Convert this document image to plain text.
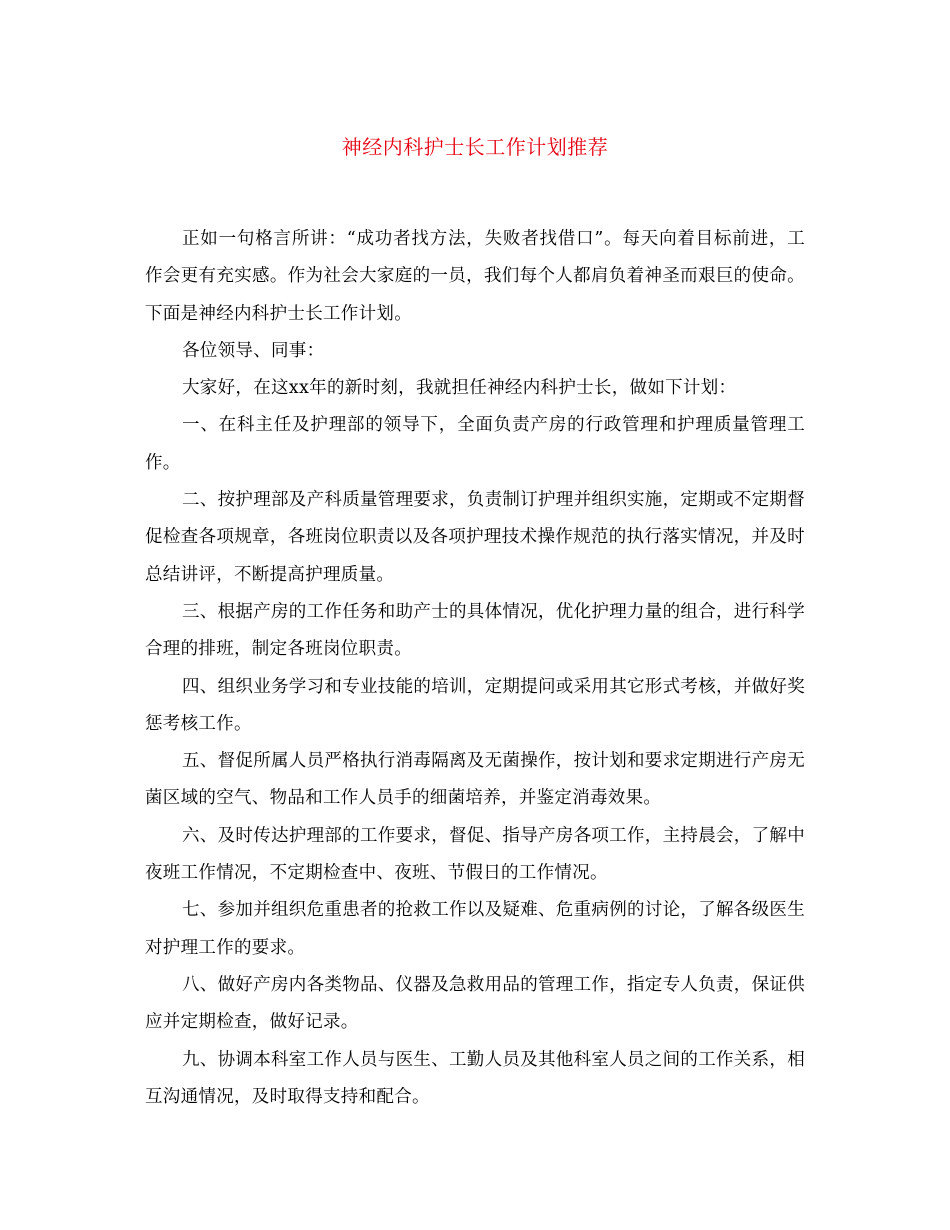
神经内科护士长工作计划推荐

正如一句格言所讲：“成功者找方法，失败者找借口”。每天向着目标前进，工作会更有充实感。作为社会大家庭的一员，我们每个人都肩负着神圣而艰巨的使命。下面是神经内科护士长工作计划。

各位领导、同事：

大家好，在这xx年的新时刻，我就担任神经内科护士长，做如下计划：

一、在科主任及护理部的领导下，全面负责产房的行政管理和护理质量管理工作。

二、按护理部及产科质量管理要求，负责制订护理并组织实施，定期或不定期督促检查各项规章，各班岗位职责以及各项护理技术操作规范的执行落实情况，并及时总结讲评，不断提高护理质量。

三、根据产房的工作任务和助产士的具体情况，优化护理力量的组合，进行科学合理的排班，制定各班岗位职责。

四、组织业务学习和专业技能的培训，定期提问或采用其它形式考核，并做好奖惩考核工作。

五、督促所属人员严格执行消毒隔离及无菌操作，按计划和要求定期进行产房无菌区域的空气、物品和工作人员手的细菌培养，并鉴定消毒效果。

六、及时传达护理部的工作要求，督促、指导产房各项工作，主持晨会，了解中夜班工作情况，不定期检查中、夜班、节假日的工作情况。

七、参加并组织危重患者的抢救工作以及疑难、危重病例的讨论，了解各级医生对护理工作的要求。

八、做好产房内各类物品、仪器及急救用品的管理工作，指定专人负责，保证供应并定期检查，做好记录。

九、协调本科室工作人员与医生、工勤人员及其他科室人员之间的工作关系，相互沟通情况，及时取得支持和配合。
